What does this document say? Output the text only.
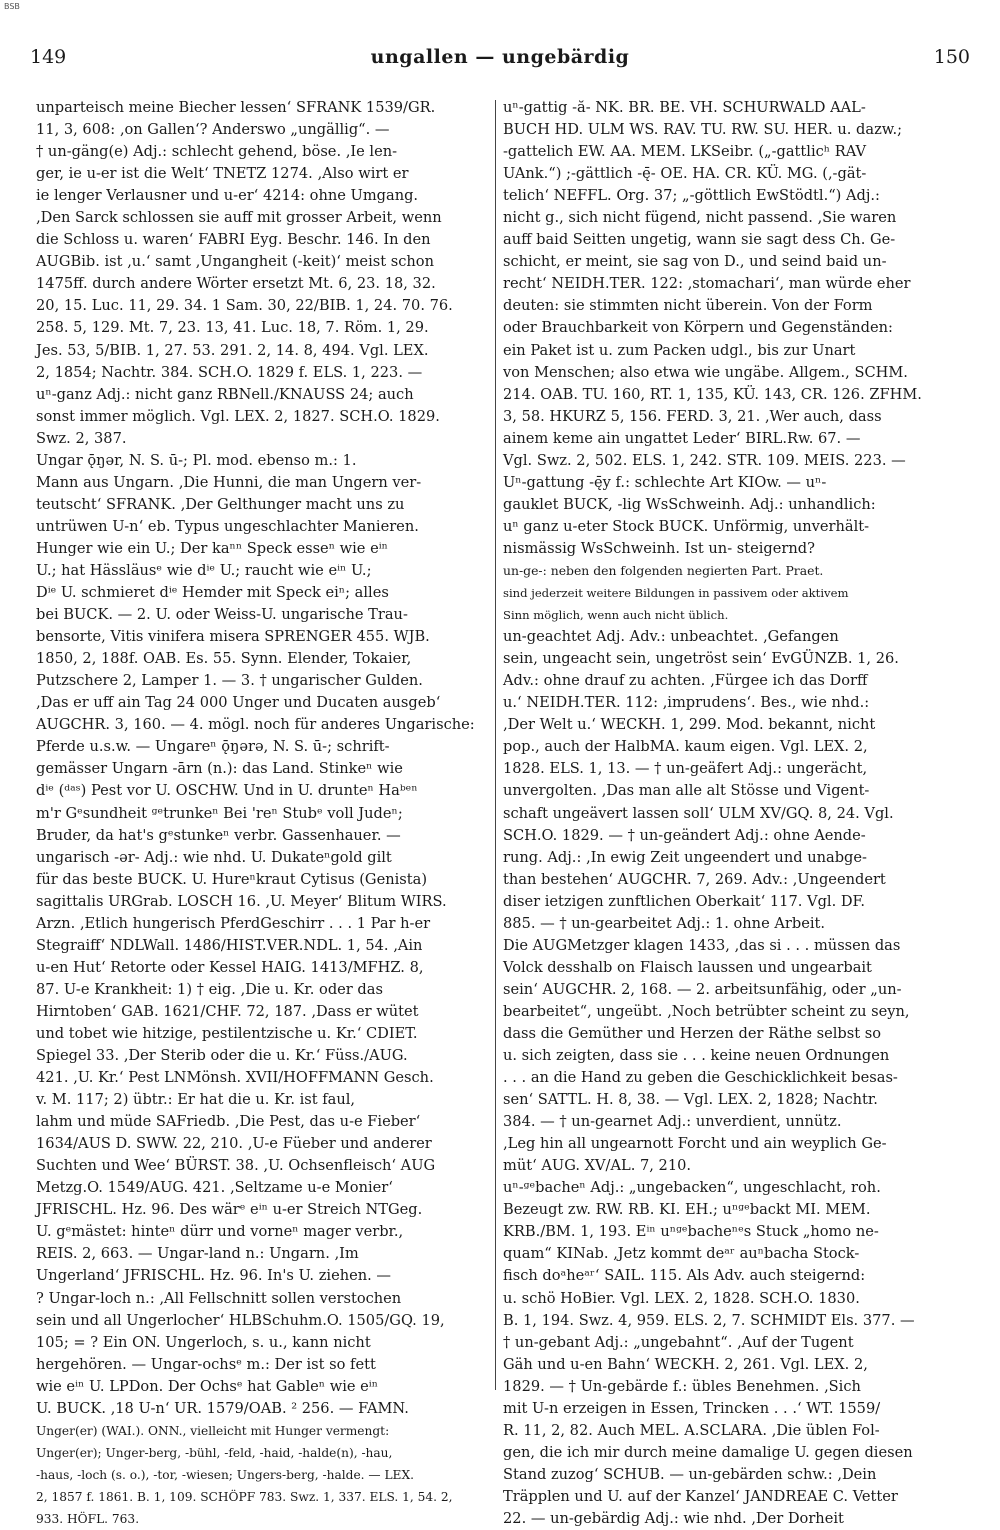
BSB
149	ungallen — ungebärdig	150
unparteisch meine Biecher lessen‘ SFRANK 1539/GR.
11, 3, 608: ‚on Gallen‘? Anderswo „ungällig“. —
† un-gäng(e) Adj.: schlecht gehend, böse. ‚Ie len-
ger, ie u-er ist die Welt‘ TNETZ 1274. ‚Also wirt er
ie lenger Verlausner und u-er‘ 4214: ohne Umgang.
‚Den Sarck schlossen sie auff mit grosser Arbeit, wenn
die Schloss u. waren‘ FABRI Eyg. Beschr. 146. In den
AUGBib. ist ‚u.‘ samt ‚Ungangheit (-keit)‘ meist schon
1475ff. durch andere Wörter ersetzt Mt. 6, 23. 18, 32.
20, 15. Luc. 11, 29. 34. 1 Sam. 30, 22/BIB. 1, 24. 70. 76.
258. 5, 129. Mt. 7, 23. 13, 41. Luc. 18, 7. Röm. 1, 29.
Jes. 53, 5/BIB. 1, 27. 53. 291. 2, 14. 8, 494. Vgl. LEX.
2, 1854; Nachtr. 384. SCH.O. 1829 f. ELS. 1, 223. —
uⁿ-ganz Adj.: nicht ganz RBNell./KNAUSS 24; auch
sonst immer möglich. Vgl. LEX. 2, 1827. SCH.O. 1829.
Swz. 2, 387.
Ungar ǭŋər, N. S. ū-; Pl. mod. ebenso m.: 1.
Mann aus Ungarn. ‚Die Hunni, die man Ungern ver-
teutscht‘ SFRANK. ‚Der Gelthunger macht uns zu
untrüwen U-n‘ eb. Typus ungeschlachter Manieren.
Hunger wie ein U.; Der kaⁿⁿ Speck esseⁿ wie eⁱⁿ
U.; hat Hässläusᵉ wie dⁱᵉ U.; raucht wie eⁱⁿ U.;
Dⁱᵉ U. schmieret dⁱᵉ Hemder mit Speck eiⁿ; alles
bei BUCK. — 2. U. oder Weiss-U. ungarische Trau-
bensorte, Vitis vinifera misera SPRENGER 455. WJB.
1850, 2, 188f. OAB. Es. 55. Synn. Elender, Tokaier,
Putzschere 2, Lamper 1. — 3. † ungarischer Gulden.
‚Das er uff ain Tag 24 000 Unger und Ducaten ausgeb‘
AUGCHR. 3, 160. — 4. mögl. noch für anderes Ungarische:
Pferde u.s.w. — Ungareⁿ ǭŋərə, N. S. ū-; schrift-
gemässer Ungarn -ārn (n.): das Land. Stinkeⁿ wie
dⁱᵉ (ᵈᵃˢ) Pest vor U. OSCHW. Und in U. drunteⁿ Haᵇᵉⁿ
m'r Gᵉsundheit ᵍᵉtrunkeⁿ Bei 'reⁿ Stubᵉ voll Judeⁿ;
Bruder, da hat's gᵉstunkeⁿ verbr. Gassenhauer. —
ungarisch -ər- Adj.: wie nhd. U. Dukateⁿgold gilt
für das beste BUCK. U. Hureⁿkraut Cytisus (Genista)
sagittalis URGrab. LOSCH 16. ‚U. Meyer‘ Blitum WIRS.
Arzn. ‚Etlich hungerisch PferdGeschirr . . . 1 Par h-er
Stegraiff‘ NDLWall. 1486/HIST.VER.NDL. 1, 54. ‚Ain
u-en Hut‘ Retorte oder Kessel HAIG. 1413/MFHZ. 8,
87. U-e Krankheit: 1) † eig. ‚Die u. Kr. oder das
Hirntoben‘ GAB. 1621/CHF. 72, 187. ‚Dass er wütet
und tobet wie hitzige, pestilentzische u. Kr.‘ CDIET.
Spiegel 33. ‚Der Sterib oder die u. Kr.‘ Füss./AUG.
421. ‚U. Kr.‘ Pest LNMönsh. XVII/HOFFMANN Gesch.
v. M. 117; 2) übtr.: Er hat die u. Kr. ist faul,
lahm und müde SAFriedb. ‚Die Pest, das u-e Fieber‘
1634/AUS D. SWW. 22, 210. ‚U-e Füeber und anderer
Suchten und Wee‘ BÜRST. 38. ‚U. Ochsenfleisch‘ AUG
Metzg.O. 1549/AUG. 421. ‚Seltzame u-e Monier‘
JFRISCHL. Hz. 96. Des wärᵉ eⁱⁿ u-er Streich NTGeg.
U. gᵉmästet: hinteⁿ dürr und vorneⁿ mager verbr.,
REIS. 2, 663. — Ungar-land n.: Ungarn. ‚Im
Ungerland‘ JFRISCHL. Hz. 96. In's U. ziehen. —
? Ungar-loch n.: ‚All Fellschnitt sollen verstochen
sein und all Ungerlocher‘ HLBSchuhm.O. 1505/GQ. 19,
105; = ? Ein ON. Ungerloch, s. u., kann nicht
hergehören. — Ungar-ochsᵉ m.: Der ist so fett
wie eⁱⁿ U. LPDon. Der Ochsᵉ hat Gableⁿ wie eⁱⁿ
U. BUCK. ‚18 U-n‘ UR. 1579/OAB. ² 256. — FAMN.
Unger(er) (WAI.). ONN., vielleicht mit Hunger vermengt:
Unger(er); Unger-berg, -bühl, -feld, -haid, -halde(n), -hau,
-haus, -loch (s. o.), -tor, -wiesen; Ungers-berg, -halde. — LEX.
2, 1857 f. 1861. B. 1, 109. SCHÖPF 783. Swz. 1, 337. ELS. 1, 54. 2,
933. HÖFL. 763.
uⁿ-gattig -ă- NK. BR. BE. VH. SCHURWALD AAL-
BUCH HD. ULM WS. RAV. TU. RW. SU. HER. u. dazw.;
-gattelich EW. AA. MEM. LKSeibr. („-gattlicʰ RAV
UAnk.“) ;-gättlich -ę̄- OE. HA. CR. KÜ. MG. (‚-gät-
telich‘ NEFFL. Org. 37; „-göttlich EwStödtl.“) Adj.:
nicht g., sich nicht fügend, nicht passend. ‚Sie waren
auff baid Seitten ungetig, wann sie sagt dess Ch. Ge-
schicht, er meint, sie sag von D., und seind baid un-
recht‘ NEIDH.TER. 122: ‚stomachari‘, man würde eher
deuten: sie stimmten nicht überein. Von der Form
oder Brauchbarkeit von Körpern und Gegenständen:
ein Paket ist u. zum Packen udgl., bis zur Unart
von Menschen; also etwa wie ungäbe. Allgem., SCHM.
214. OAB. TU. 160, RT. 1, 135, KÜ. 143, CR. 126. ZFHM.
3, 58. HKURZ 5, 156. FERD. 3, 21. ‚Wer auch, dass
ainem keme ain ungattet Leder‘ BIRL.Rw. 67. —
Vgl. Swz. 2, 502. ELS. 1, 242. STR. 109. MEIS. 223. —
Uⁿ-gattung -ę̄y f.: schlechte Art KIOw. — uⁿ-
gauklet BUCK, -lig WsSchweinh. Adj.: unhandlich:
uⁿ ganz u-eter Stock BUCK. Unförmig, unverhält-
nismässig WsSchweinh. Ist un- steigernd?
un-ge-: neben den folgenden negierten Part. Praet.
sind jederzeit weitere Bildungen in passivem oder aktivem
Sinn möglich, wenn auch nicht üblich.
un-geachtet Adj. Adv.: unbeachtet. ‚Gefangen
sein, ungeacht sein, ungetröst sein‘ EvGÜNZB. 1, 26.
Adv.: ohne drauf zu achten. ‚Fürgee ich das Dorff
u.‘ NEIDH.TER. 112: ‚imprudens‘. Bes., wie nhd.:
‚Der Welt u.‘ WECKH. 1, 299. Mod. bekannt, nicht
pop., auch der HalbMA. kaum eigen. Vgl. LEX. 2,
1828. ELS. 1, 13. — † un-geäfert Adj.: ungerächt,
unvergolten. ‚Das man alle alt Stösse und Vigent-
schaft ungeävert lassen soll‘ ULM XV/GQ. 8, 24. Vgl.
SCH.O. 1829. — † un-geändert Adj.: ohne Aende-
rung. Adj.: ‚In ewig Zeit ungeendert und unabge-
than bestehen‘ AUGCHR. 7, 269. Adv.: ‚Ungeendert
diser ietzigen zunftlichen Oberkait‘ 117. Vgl. DF.
885. — † un-gearbeitet Adj.: 1. ohne Arbeit.
Die AUGMetzger klagen 1433, ‚das si . . . müssen das
Volck desshalb on Flaisch laussen und ungearbait
sein‘ AUGCHR. 2, 168. — 2. arbeitsunfähig, oder „un-
bearbeitet“, ungeübt. ‚Noch betrübter scheint zu seyn,
dass die Gemüther und Herzen der Räthe selbst so
u. sich zeigten, dass sie . . . keine neuen Ordnungen
. . . an die Hand zu geben die Geschicklichkeit besas-
sen‘ SATTL. H. 8, 38. — Vgl. LEX. 2, 1828; Nachtr.
384. — † un-gearnet Adj.: unverdient, unnütz.
‚Leg hin all ungearnott Forcht und ain weyplich Ge-
müt‘ AUG. XV/AL. 7, 210.
uⁿ-ᵍᵉbacheⁿ Adj.: „ungebacken“, ungeschlacht, roh.
Bezeugt zw. RW. RB. KI. EH.; uⁿᵍᵉbackt MI. MEM.
KRB./BM. 1, 193. Eⁱⁿ uⁿᵍᵉbacheⁿᵉs Stuck „homo ne-
quam“ KINab. ‚Jetz kommt deᵃʳ auⁿbacha Stock-
fisch doᵃheᵃʳ‘ SAIL. 115. Als Adv. auch steigernd:
u. schö HoBier. Vgl. LEX. 2, 1828. SCH.O. 1830.
B. 1, 194. Swz. 4, 959. ELS. 2, 7. SCHMIDT Els. 377. —
† un-gebant Adj.: „ungebahnt“. ‚Auf der Tugent
Gäh und u-en Bahn‘ WECKH. 2, 261. Vgl. LEX. 2,
1829. — † Un-gebärde f.: übles Benehmen. ‚Sich
mit U-n erzeigen in Essen, Trincken . . .‘ WT. 1559/
R. 11, 2, 82. Auch MEL. A.SCLARA. ‚Die üblen Fol-
gen, die ich mir durch meine damalige U. gegen diesen
Stand zuzog‘ SCHUB. — un-gebärden schw.: ‚Dein
Träpplen und U. auf der Kanzel‘ JANDREAE C. Vetter
22. — un-gebärdig Adj.: wie nhd. ‚Der Dorheit
